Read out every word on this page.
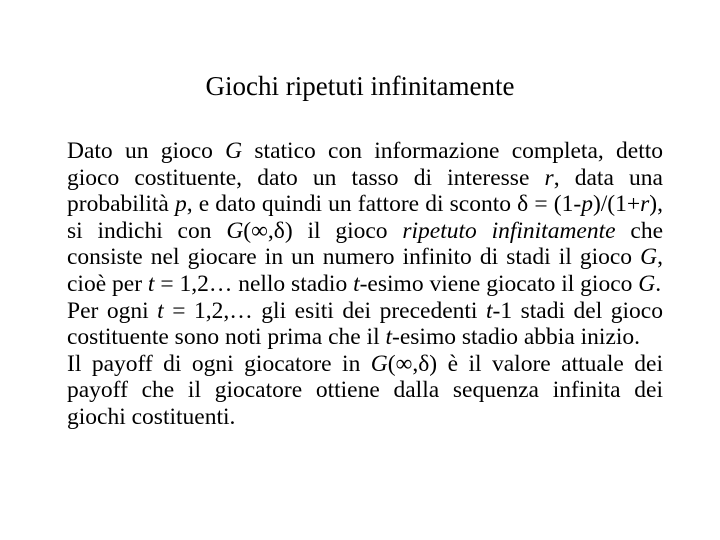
Giochi ripetuti infinitamente

Dato un gioco G statico con informazione completa, detto gioco costituente, dato un tasso di interesse r, data una probabilità p, e dato quindi un fattore di sconto δ = (1-p)/(1+r), si indichi con G(∞,δ) il gioco ripetuto infinitamente che consiste nel giocare in un numero infinito di stadi il gioco G, cioè per t = 1,2… nello stadio t-esimo viene giocato il gioco G.

Per ogni t = 1,2,… gli esiti dei precedenti t-1 stadi del gioco costituente sono noti prima che il t-esimo stadio abbia inizio.

Il payoff di ogni giocatore in G(∞,δ) è il valore attuale dei payoff che il giocatore ottiene dalla sequenza infinita dei giochi costituenti.
